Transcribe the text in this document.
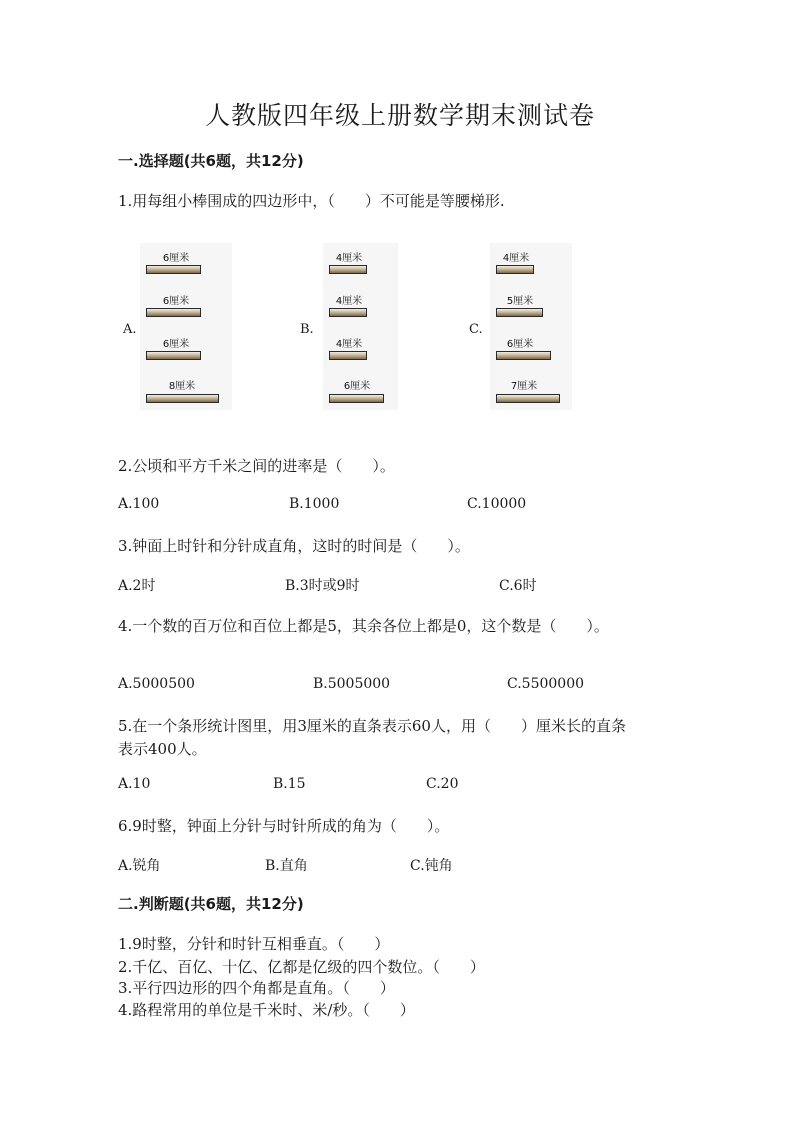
人教版四年级上册数学期末测试卷
一.选择题(共6题，共12分)
1.用每组小棒围成的四边形中，（　　）不可能是等腰梯形.
A.	B.	C.
6厘米
6厘米
6厘米
8厘米
4厘米
4厘米
4厘米
6厘米
4厘米
5厘米
6厘米
7厘米
2.公顷和平方千米之间的进率是（　　）。
A.100	B.1000	C.10000
3.钟面上时针和分针成直角，这时的时间是（　　）。
A.2时	B.3时或9时	C.6时
4.一个数的百万位和百位上都是5，其余各位上都是0，这个数是（　　）。
A.5000500	B.5005000	C.5500000
5.在一个条形统计图里，用3厘米的直条表示60人，用（　　）厘米长的直条
表示400人。
A.10	B.15	C.20
6.9时整，钟面上分针与时针所成的角为（　　）。
A.锐角	B.直角	C.钝角
二.判断题(共6题，共12分)
1.9时整，分针和时针互相垂直。（　　）
2.千亿、百亿、十亿、亿都是亿级的四个数位。（　　）
3.平行四边形的四个角都是直角。（　　）
4.路程常用的单位是千米时、米/秒。（　　）
